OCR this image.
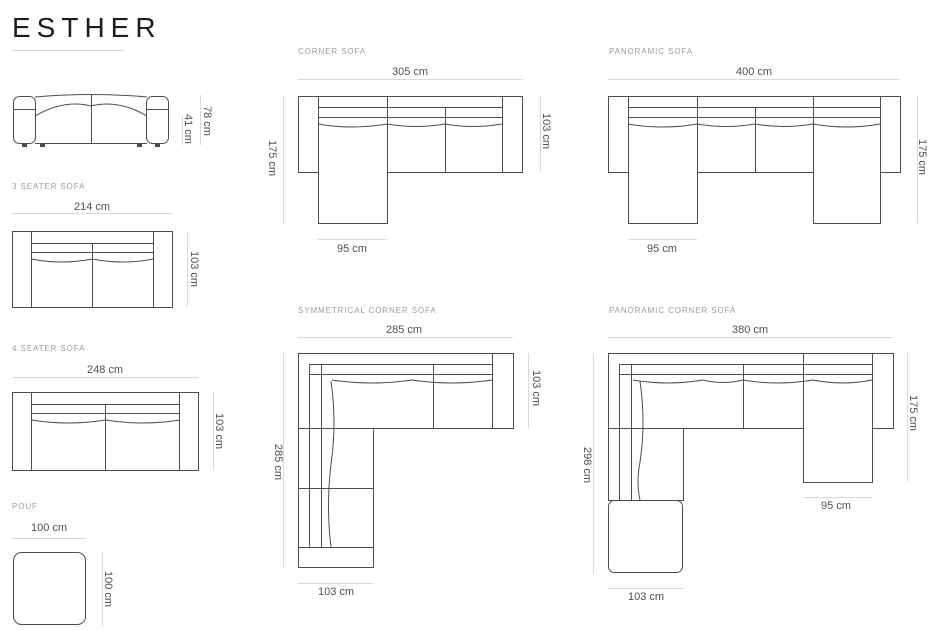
ESTHER
78 cm
41 cm
3 SEATER SOFA
214 cm
103 cm
4 SEATER SOFA
248 cm
103 cm
POUF
100 cm
100 cm
CORNER SOFA
305 cm
103 cm
175 cm
95 cm
PANORAMIC SOFA
400 cm
175 cm
95 cm
SYMMETRICAL CORNER SOFA
285 cm
103 cm
285 cm
103 cm
PANORAMIC CORNER SOFA
380 cm
175 cm
95 cm
298 cm
103 cm
